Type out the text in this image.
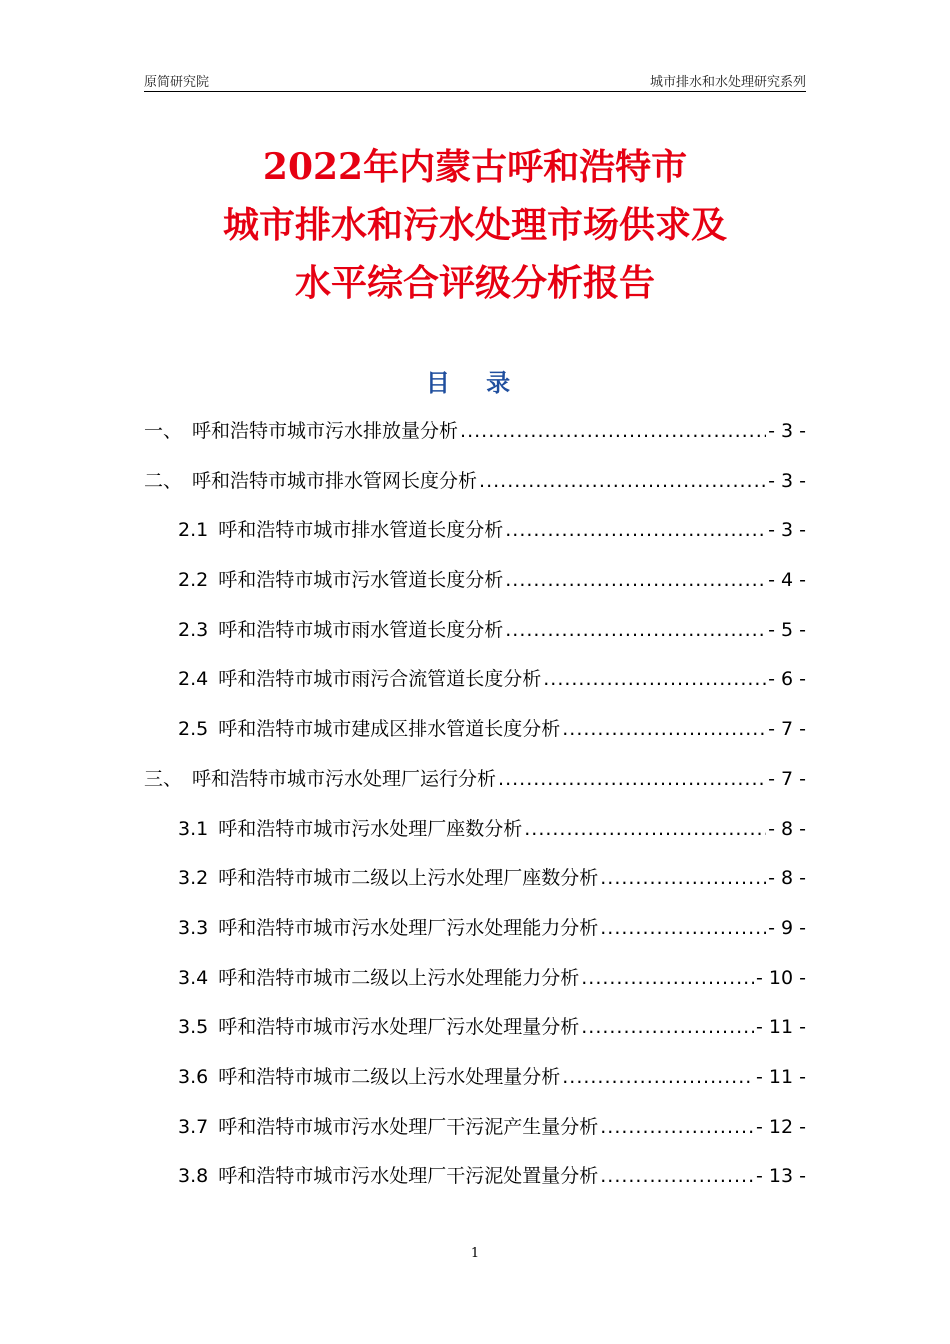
原简研究院	城市排水和水处理研究系列
2022年内蒙古呼和浩特市
城市排水和污水处理市场供求及
水平综合评级分析报告
目 录
一、 呼和浩特市城市污水排放量分析 .....	- 3 -
二、 呼和浩特市城市排水管网长度分析 .....	- 3 -
2.1 呼和浩特市城市排水管道长度分析 .....	- 3 -
2.2 呼和浩特市城市污水管道长度分析 .....	- 4 -
2.3 呼和浩特市城市雨水管道长度分析 .....	- 5 -
2.4 呼和浩特市城市雨污合流管道长度分析 .....	- 6 -
2.5 呼和浩特市城市建成区排水管道长度分析 .....	- 7 -
三、 呼和浩特市城市污水处理厂运行分析 .....	- 7 -
3.1 呼和浩特市城市污水处理厂座数分析 .....	- 8 -
3.2 呼和浩特市城市二级以上污水处理厂座数分析 .....	- 8 -
3.3 呼和浩特市城市污水处理厂污水处理能力分析 .....	- 9 -
3.4 呼和浩特市城市二级以上污水处理能力分析 .....	- 10 -
3.5 呼和浩特市城市污水处理厂污水处理量分析 .....	- 11 -
3.6 呼和浩特市城市二级以上污水处理量分析 .....	- 11 -
3.7 呼和浩特市城市污水处理厂干污泥产生量分析 .....	- 12 -
3.8 呼和浩特市城市污水处理厂干污泥处置量分析 .....	- 13 -
1
